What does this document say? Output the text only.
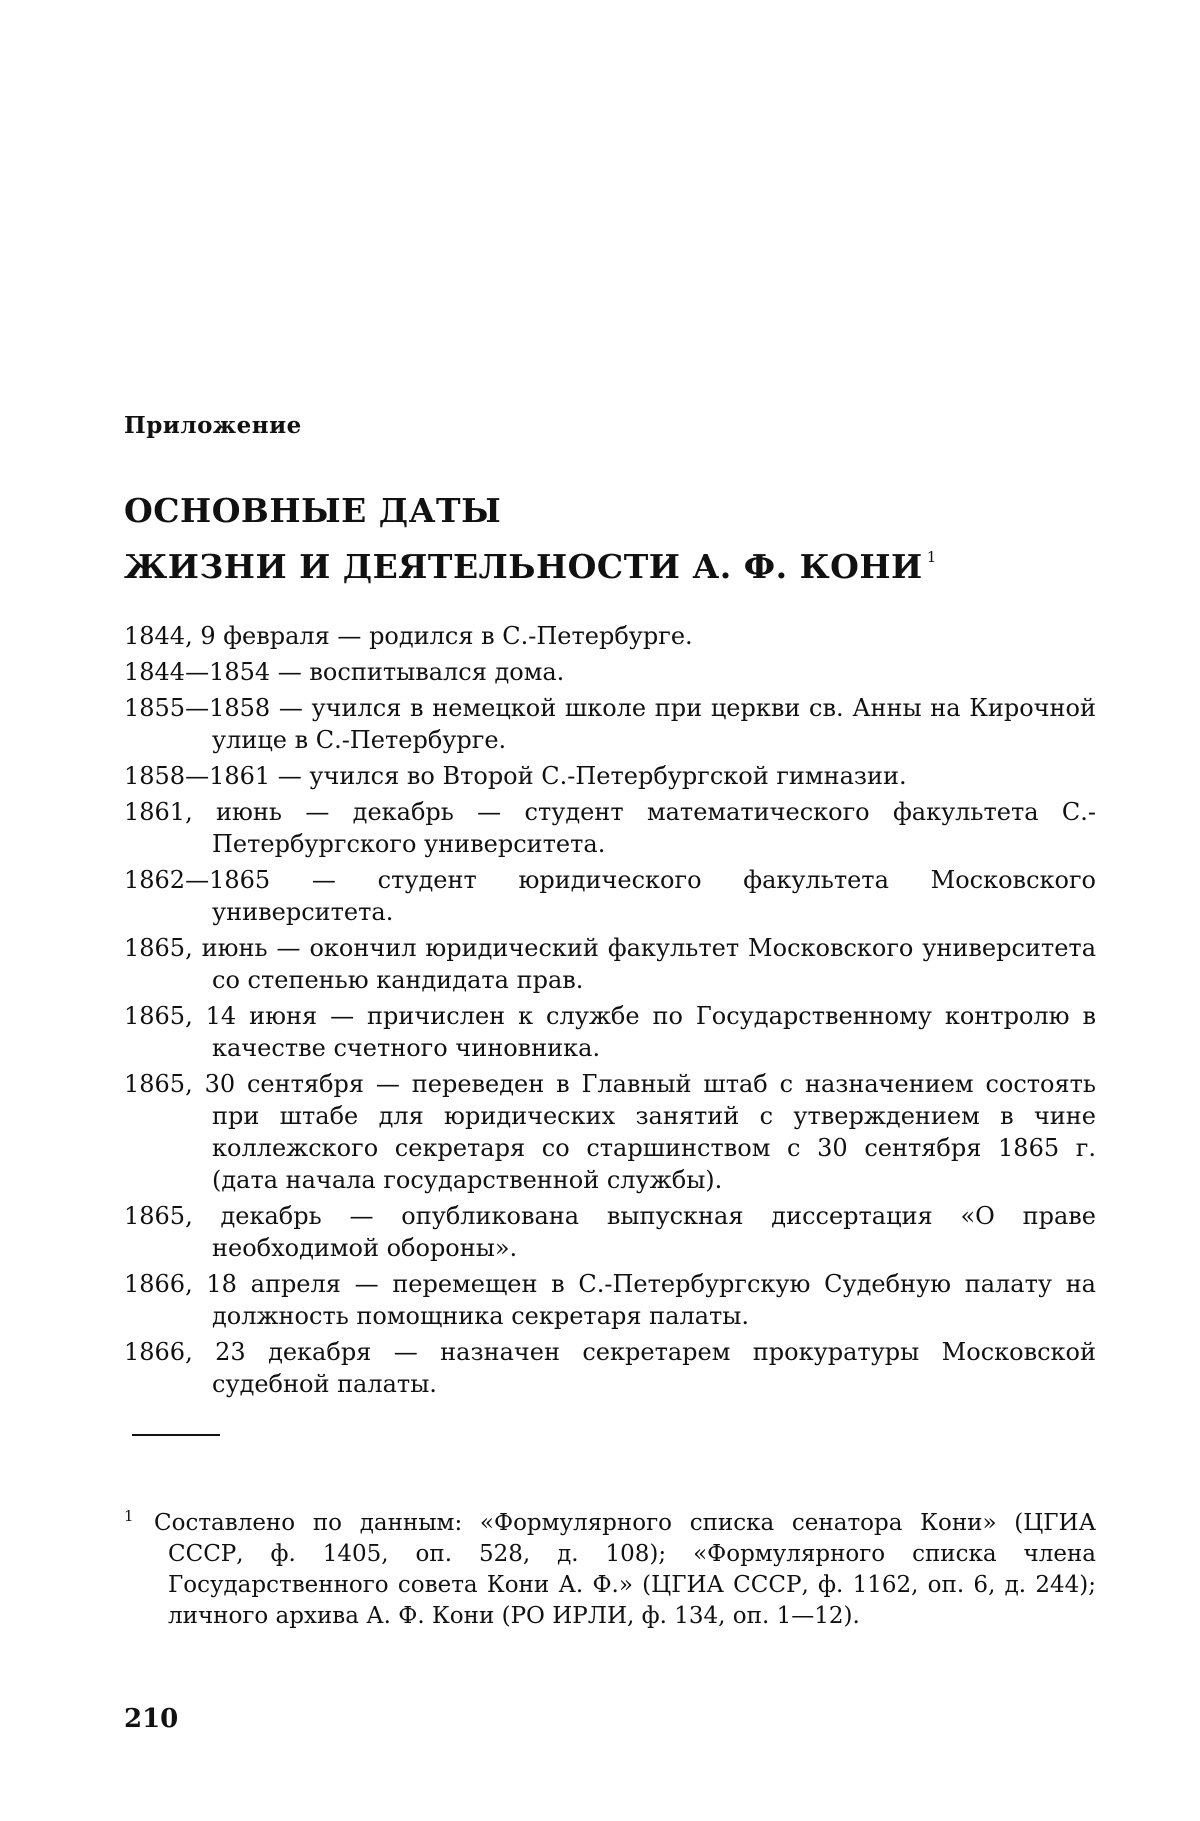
Приложение

ОСНОВНЫЕ ДАТЫ
ЖИЗНИ И ДЕЯТЕЛЬНОСТИ А. Ф. КОНИ $^1$

1844, 9 февраля — родился в С.-Петербурге.

1844—1854 — воспитывался дома.

1855—1858 — учился в немецкой школе при церкви св. Анны на Кирочной улице в С.-Петербурге.

1858—1861 — учился во Второй С.-Петербургской гимназии.

1861, июнь — декабрь — студент математического факультета С.-Петербургского университета.

1862—1865 — студент юридического факультета Московского университета.

1865, июнь — окончил юридический факультет Московского университета со степенью кандидата прав.

1865, 14 июня — причислен к службе по Государственному контролю в качестве счетного чиновника.

1865, 30 сентября — переведен в Главный штаб с назначением состоять при штабе для юридических занятий с утверждением в чине коллежского секретаря со старшинством с 30 сентября 1865 г. (дата начала государственной службы).

1865, декабрь — опубликована выпускная диссертация «О праве необходимой обороны».

1866, 18 апреля — перемещен в С.-Петербургскую Судебную палату на должность помощника секретаря палаты.

1866, 23 декабря — назначен секретарем прокуратуры Московской судебной палаты.

1 Составлено по данным: «Формулярного списка сенатора Кони» (ЦГИА СССР, ф. 1405, оп. 528, д. 108); «Формулярного списка члена Государственного совета Кони А. Ф.» (ЦГИА СССР, ф. 1162, оп. 6, д. 244); личного архива А. Ф. Кони (РО ИРЛИ, ф. 134, оп. 1—12).

210
